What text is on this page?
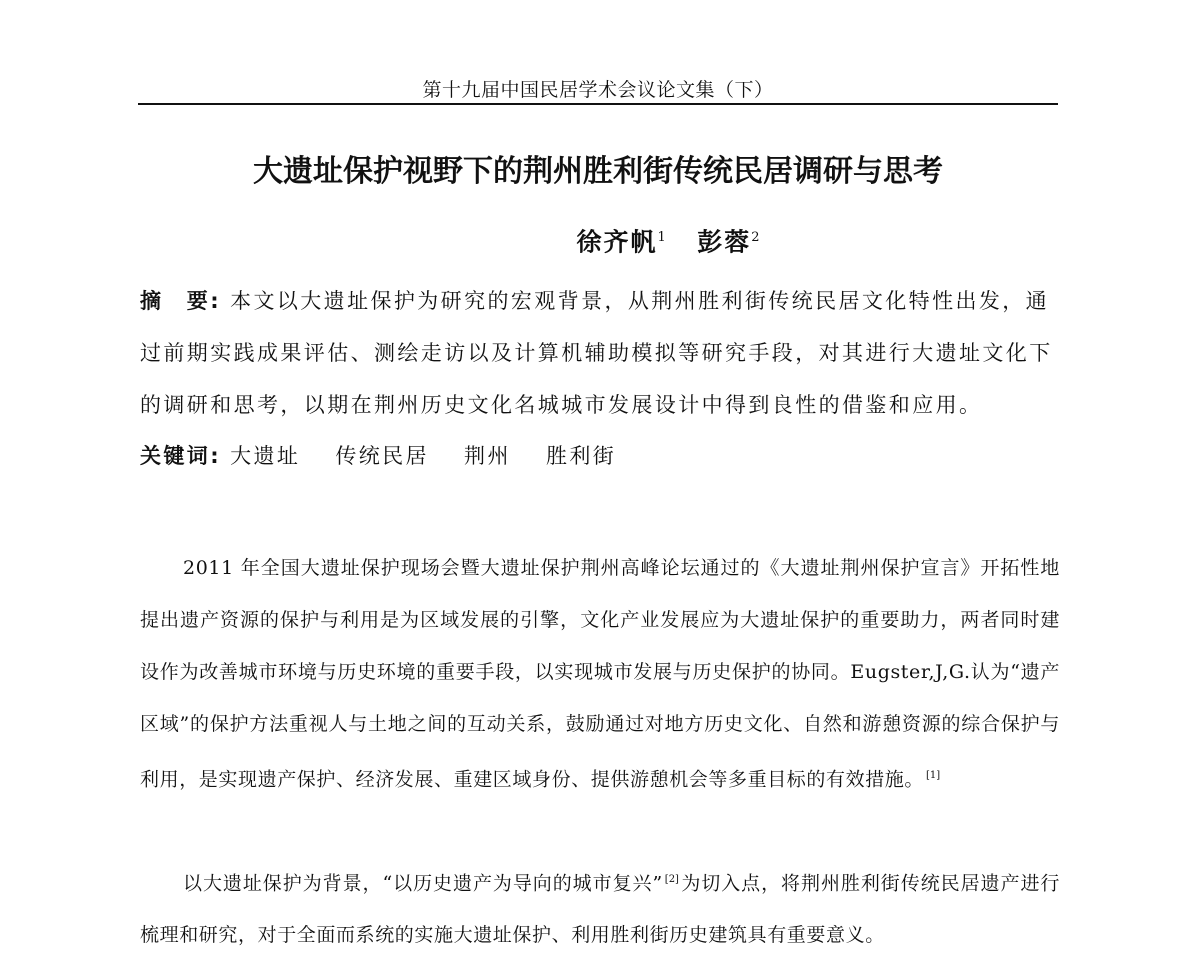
第十九届中国民居学术会议论文集（下）
大遗址保护视野下的荆州胜利街传统民居调研与思考
徐齐帆$^1$ 彭蓉$^2$
摘　要: 本文以大遗址保护为研究的宏观背景，从荆州胜利街传统民居文化特性出发，通过前期实践成果评估、测绘走访以及计算机辅助模拟等研究手段，对其进行大遗址文化下的调研和思考，以期在荆州历史文化名城城市发展设计中得到良性的借鉴和应用。
关键词: 大遗址 传统民居 荆州 胜利街
2011 年全国大遗址保护现场会暨大遗址保护荆州高峰论坛通过的《大遗址荆州保护宣言》开拓性地提出遗产资源的保护与利用是为区域发展的引擎，文化产业发展应为大遗址保护的重要助力，两者同时建设作为改善城市环境与历史环境的重要手段，以实现城市发展与历史保护的协同。Eugster,J,G.认为“遗产区域”的保护方法重视人与土地之间的互动关系，鼓励通过对地方历史文化、自然和游憩资源的综合保护与利用，是实现遗产保护、经济发展、重建区域身份、提供游憩机会等多重目标的有效措施。 [1]
以大遗址保护为背景，“以历史遗产为导向的城市复兴” [2] 为切入点，将荆州胜利街传统民居遗产进行梳理和研究，对于全面而系统的实施大遗址保护、利用胜利街历史建筑具有重要意义。
